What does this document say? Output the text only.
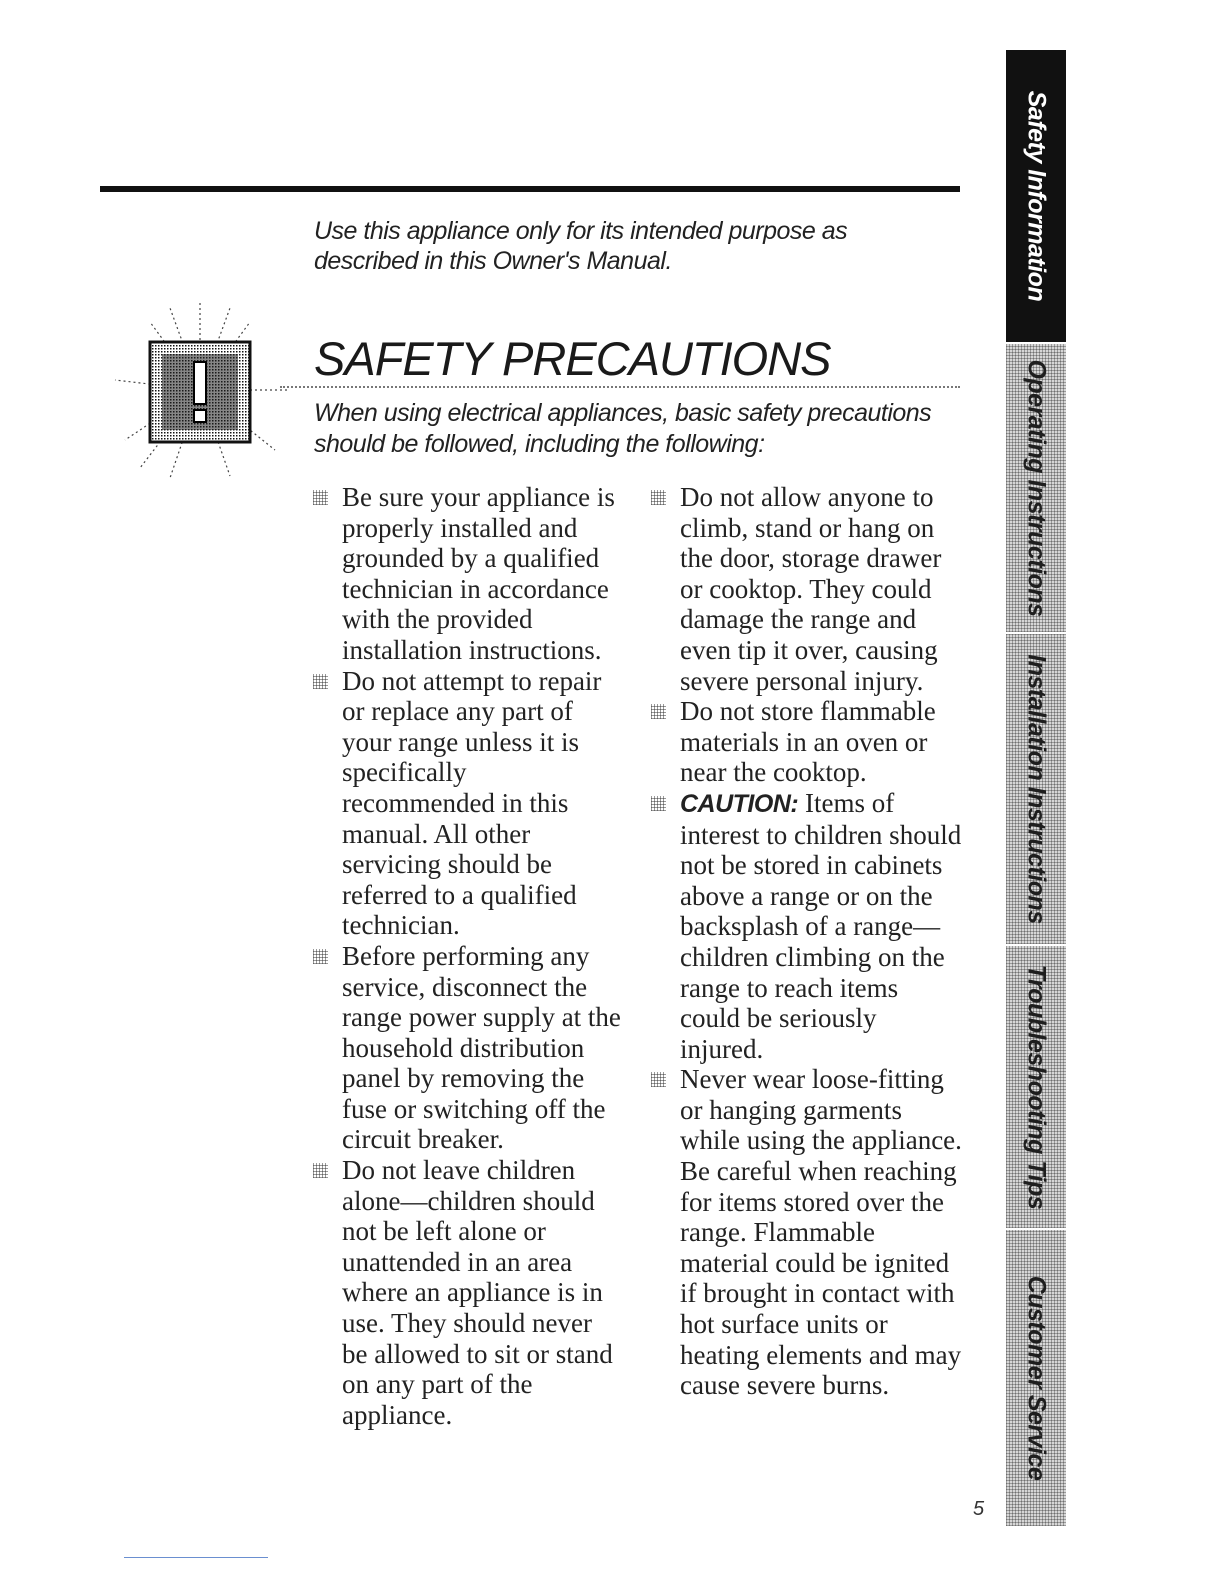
Use this appliance only for its intended purpose as described in this Owner's Manual.
SAFETY PRECAUTIONS
When using electrical appliances, basic safety precautions should be followed, including the following:
Be sure your appliance is properly installed and grounded by a qualified technician in accordance with the provided installation instructions.
Do not attempt to repair or replace any part of your range unless it is specifically recommended in this manual. All other servicing should be referred to a qualified technician.
Before performing any service, disconnect the range power supply at the household distribution panel by removing the fuse or switching off the circuit breaker.
Do not leave children alone—children should not be left alone or unattended in an area where an appliance is in use. They should never be allowed to sit or stand on any part of the appliance.
Do not allow anyone to climb, stand or hang on the door, storage drawer or cooktop. They could damage the range and even tip it over, causing severe personal injury.
Do not store flammable materials in an oven or near the cooktop.
CAUTION: Items of interest to children should not be stored in cabinets above a range or on the backsplash of a range—children climbing on the range to reach items could be seriously injured.
Never wear loose-fitting or hanging garments while using the appliance. Be careful when reaching for items stored over the range. Flammable material could be ignited if brought in contact with hot surface units or heating elements and may cause severe burns.
Safety Information
Operating Instructions
Installation Instructions
Troubleshooting Tips
Customer Service
5
